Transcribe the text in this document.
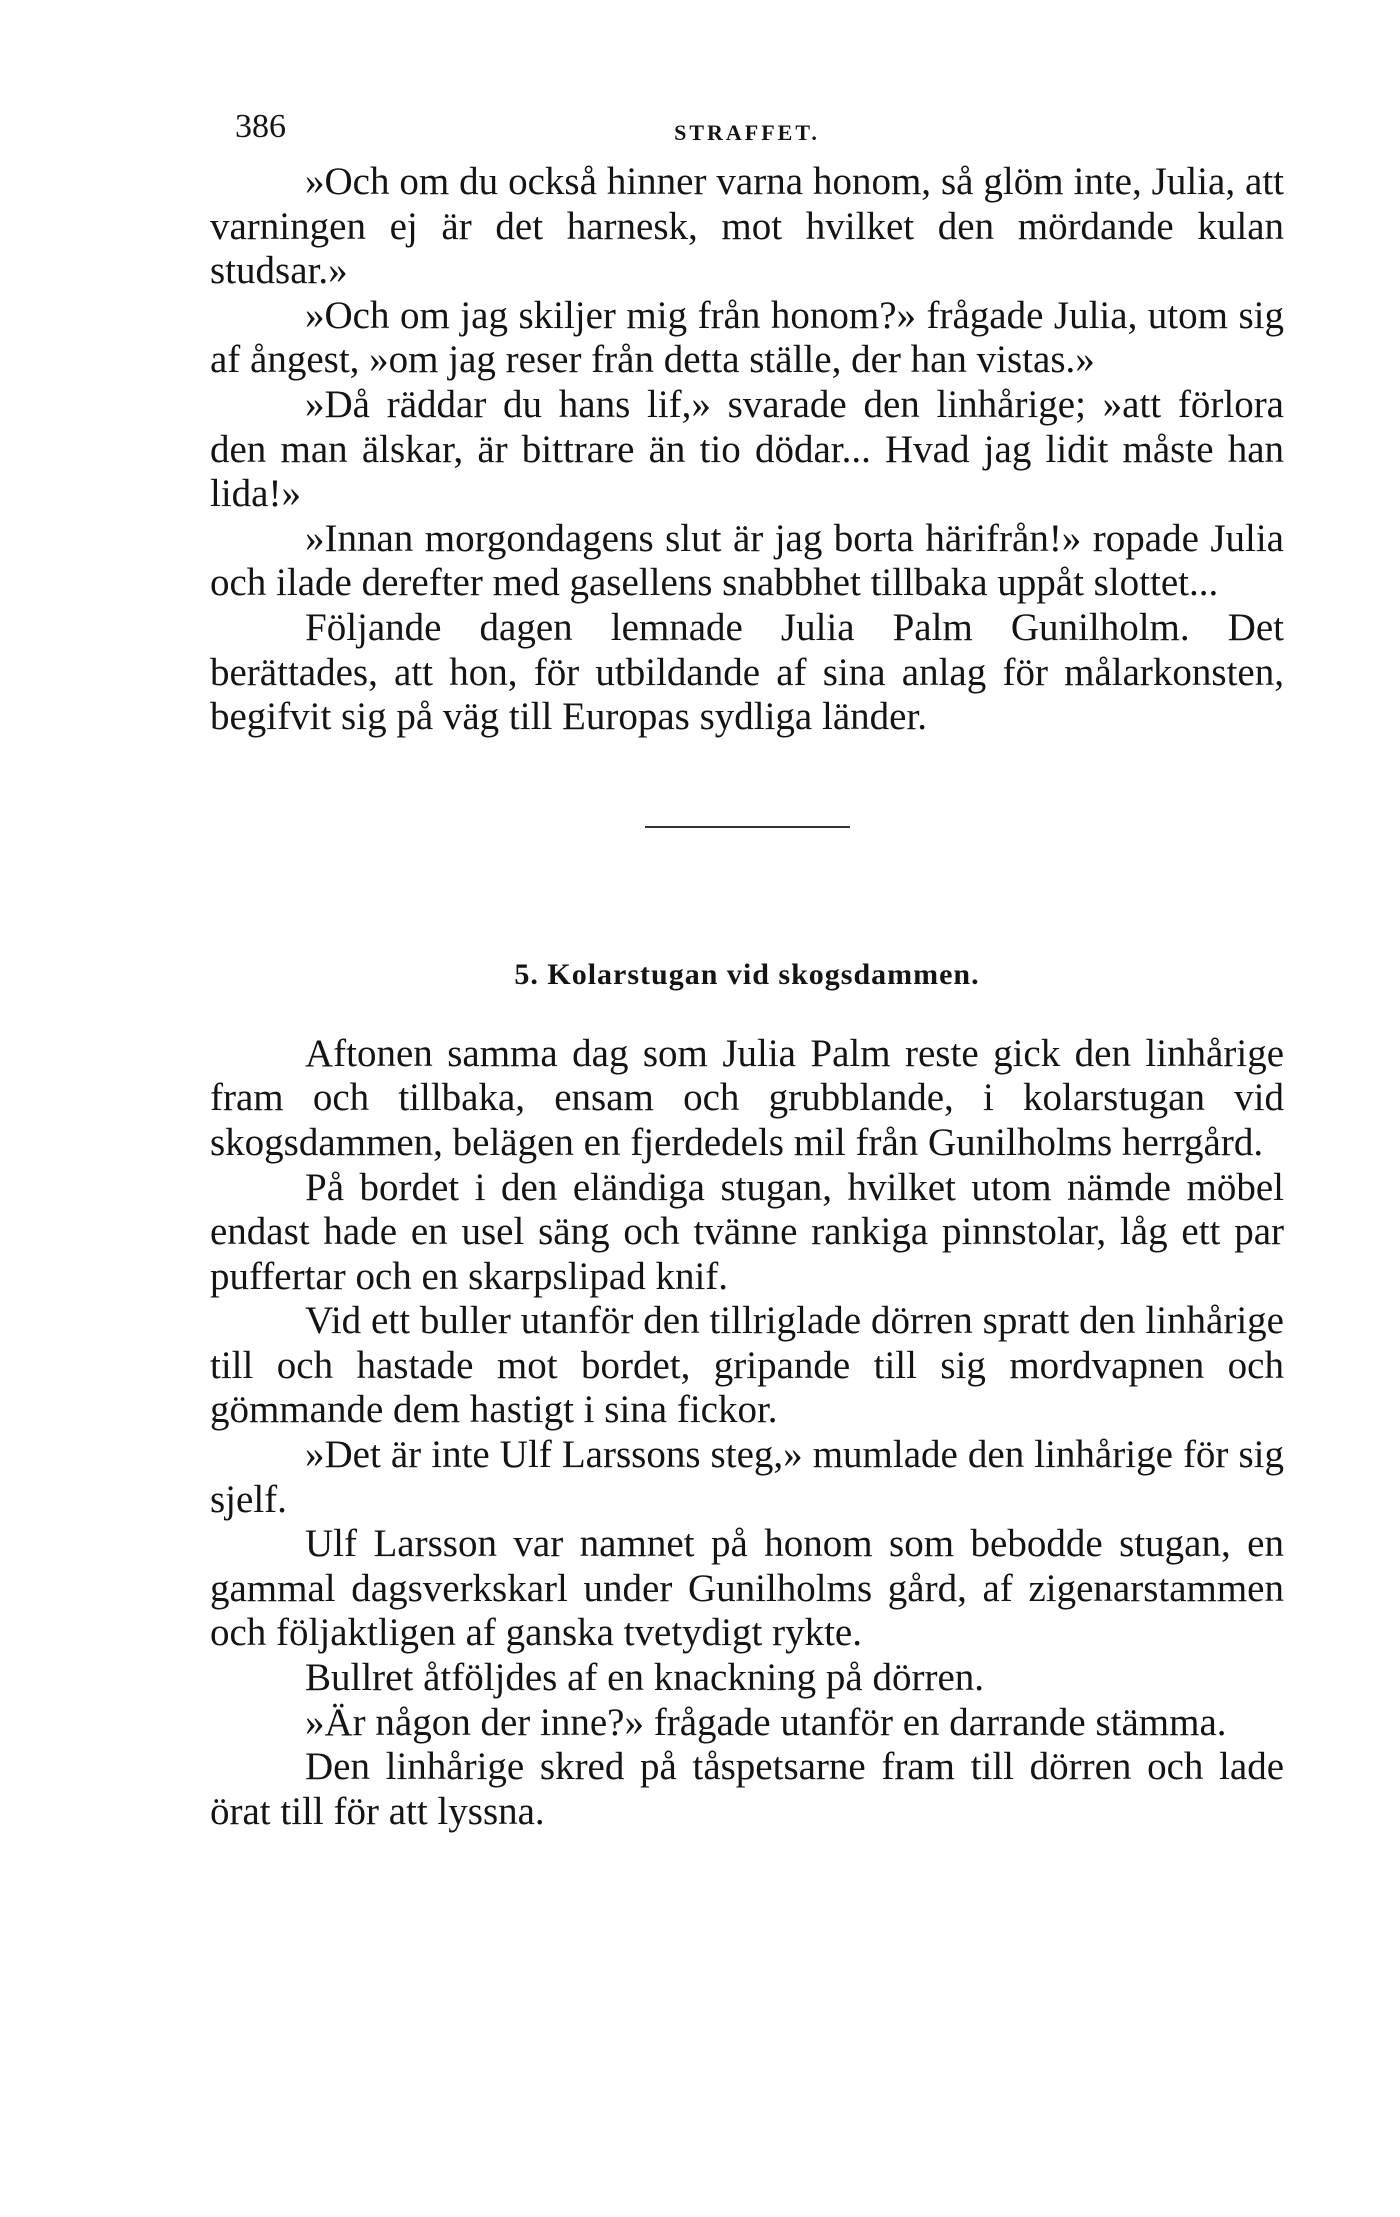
386	STRAFFET.

»Och om du också hinner varna honom, så glöm inte, Julia, att varningen ej är det harnesk, mot hvilket den mördande kulan studsar.»

»Och om jag skiljer mig från honom?» frågade Julia, utom sig af ångest, »om jag reser från detta ställe, der han vistas.»

»Då räddar du hans lif,» svarade den linhårige; »att förlora den man älskar, är bittrare än tio dödar... Hvad jag lidit måste han lida!»

»Innan morgondagens slut är jag borta härifrån!» ropade Julia och ilade derefter med gasellens snabbhet tillbaka uppåt slottet...

Följande dagen lemnade Julia Palm Gunilholm. Det berättades, att hon, för utbildande af sina anlag för målarkonsten, begifvit sig på väg till Europas sydliga länder.

5. Kolarstugan vid skogsdammen.

Aftonen samma dag som Julia Palm reste gick den linhårige fram och tillbaka, ensam och grubblande, i kolarstugan vid skogsdammen, belägen en fjerdedels mil från Gunilholms herrgård.

På bordet i den eländiga stugan, hvilket utom nämde möbel endast hade en usel säng och tvänne rankiga pinnstolar, låg ett par puffertar och en skarpslipad knif.

Vid ett buller utanför den tillriglade dörren spratt den linhårige till och hastade mot bordet, gripande till sig mordvapnen och gömmande dem hastigt i sina fickor.

»Det är inte Ulf Larssons steg,» mumlade den linhårige för sig sjelf.

Ulf Larsson var namnet på honom som bebodde stugan, en gammal dagsverkskarl under Gunilholms gård, af zigenarstammen och följaktligen af ganska tvetydigt rykte.

Bullret åtföljdes af en knackning på dörren.

»Är någon der inne?» frågade utanför en darrande stämma.

Den linhårige skred på tåspetsarne fram till dörren och lade örat till för att lyssna.
